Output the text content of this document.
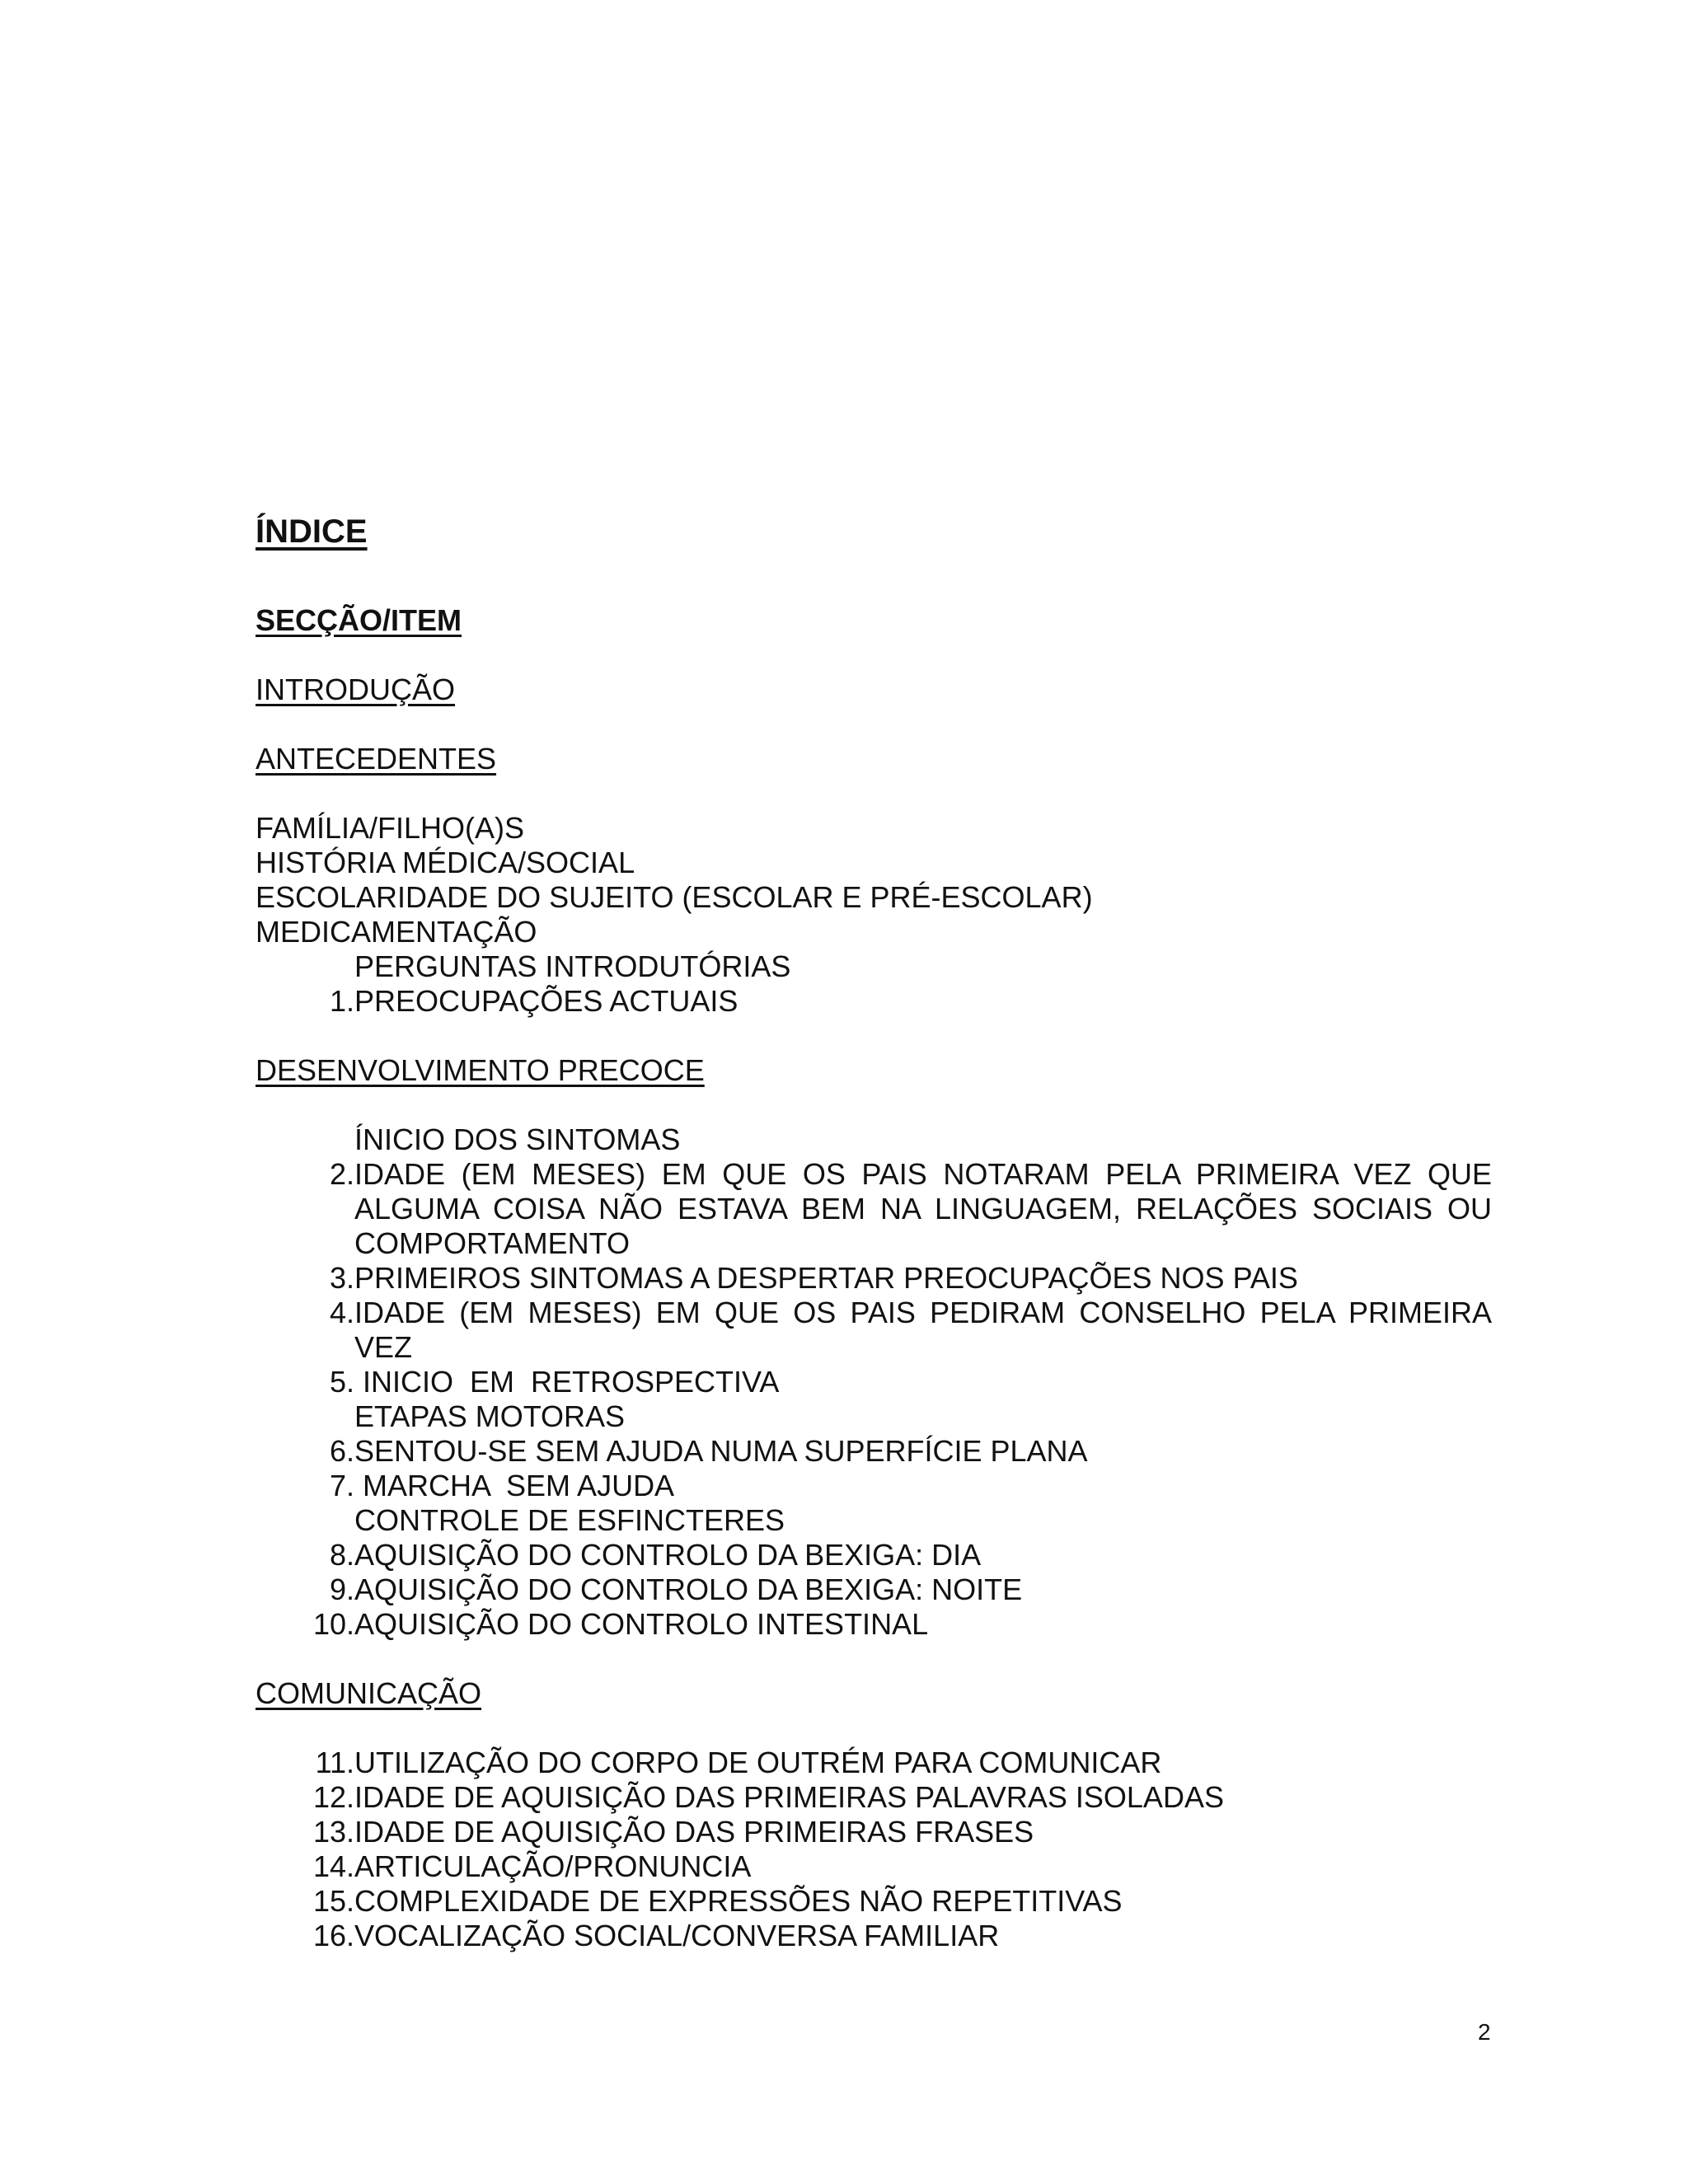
ÍNDICE
SECÇÃO/ITEM
INTRODUÇÃO
ANTECEDENTES
FAMÍLIA/FILHO(A)S
HISTÓRIA MÉDICA/SOCIAL
ESCOLARIDADE DO SUJEITO (ESCOLAR E PRÉ-ESCOLAR)
MEDICAMENTAÇÃO
PERGUNTAS INTRODUTÓRIAS
1. PREOCUPAÇÕES ACTUAIS
DESENVOLVIMENTO PRECOCE
ÍNICIO DOS SINTOMAS
2. IDADE (EM MESES) EM QUE OS PAIS NOTARAM PELA PRIMEIRA VEZ QUE ALGUMA COISA NÃO ESTAVA BEM NA LINGUAGEM, RELAÇÕES SOCIAIS OU COMPORTAMENTO
3. PRIMEIROS SINTOMAS A DESPERTAR PREOCUPAÇÕES NOS PAIS
4. IDADE (EM MESES) EM QUE OS PAIS PEDIRAM CONSELHO PELA PRIMEIRA VEZ
5. INICIO  EM  RETROSPECTIVA
ETAPAS MOTORAS
6. SENTOU-SE SEM AJUDA NUMA SUPERFÍCIE PLANA
7. MARCHA  SEM AJUDA
CONTROLE DE ESFINCTERES
8. AQUISIÇÃO DO CONTROLO DA BEXIGA: DIA
9. AQUISIÇÃO DO CONTROLO DA BEXIGA: NOITE
10. AQUISIÇÃO DO CONTROLO INTESTINAL
COMUNICAÇÃO
11. UTILIZAÇÃO DO CORPO DE OUTRÉM PARA COMUNICAR
12. IDADE DE AQUISIÇÃO DAS PRIMEIRAS PALAVRAS ISOLADAS
13. IDADE DE AQUISIÇÃO DAS PRIMEIRAS FRASES
14. ARTICULAÇÃO/PRONUNCIA
15. COMPLEXIDADE DE EXPRESSÕES NÃO REPETITIVAS
16. VOCALIZAÇÃO SOCIAL/CONVERSA FAMILIAR
2
